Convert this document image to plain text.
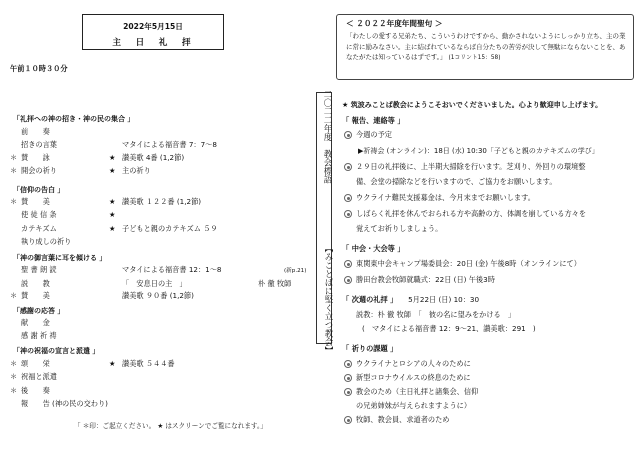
2022年5月15日
主　日　礼　拝
午前１０時３０分
「礼拝への神の招き・神の民の集合 」
「信仰の告白 」
「神の御言葉に耳を傾ける 」
「感謝の応答 」
「神の祝福の宣言と派遣 」
前　　奏
招きの言葉	マタイによる福音書 7：7～8
＊ 賛　　詠	★ 讃美歌 4番 (1,2節)
＊ 開会の祈り	★ 主の祈り
＊ 賛　　美	★ 讃美歌 １２２番 (1,2節)
使 徒 信 条	★
カテキズム	★ 子どもと親のカテキズム ５９
執り成しの祈り
聖 書 朗 読	マタイによる福音書 12：1～8	(新p.21)
説　　教	「　安息日の主　」	朴 徹 牧師
＊ 賛　　美	讃美歌 ９０番 (1,2節)
献　　金
感 謝 祈 祷
＊ 頌　　栄	★ 讃美歌 ５４４番
＊ 祝福と派遣
＊ 後　　奏
報　　告 (神の民の交わり)
「 ＊印：ご起立ください。 ★ はスクリーンでご覧になれます。」
二〇二二年度　教会標語
【みことばに堅く立つ教会】
＜ ２０２２年度年間聖句 ＞
「わたしの愛する兄弟たち、こういうわけですから、動かされないようにしっかり立ち、主の業に常に励みなさい。主に結ばれているならば自分たちの苦労が決して無駄にならないことを、あなたがたは知っているはずです。」 (1コリント15：58)
★ 筑波みことば教会にようこそおいでくださいました。心より歓迎申し上げます。
「 報告、連絡等 」
今週の予定
▶祈祷会 (オンライン)：18日 (水) 10:30「子どもと親のカテキズムの学び」
２９日の礼拝後に、上半期大掃除を行います。芝刈り、外回りの環境整
備、会堂の掃除などを行いますので、ご協力をお願いします。
ウクライナ難民支援募金は、今月末までお願いします。
しばらく礼拝を休んでおられる方や高齢の方、体調を崩している方々を
覚えてお祈りしましょう。
「 中会・大会等 」
東関東中会キャンプ場委員会：20日 (金) 午後8時（オンラインにて）
勝田台教会牧師就職式：22日 (日) 午後3時
「 次週の礼拝 」　　 5月22日 (日) 10：30
説教：朴 徹 牧師　「　彼の名に望みをかける　」
(　マタイによる福音書 12：9～21、讃美歌：291　)
「 祈りの課題 」
ウクライナとロシアの人々のために
新型コロナウイルスの終息のために
教会のため（主日礼拝と諸集会、信仰
の兄弟姉妹が与えられますように）
牧師、教会員、求道者のため
